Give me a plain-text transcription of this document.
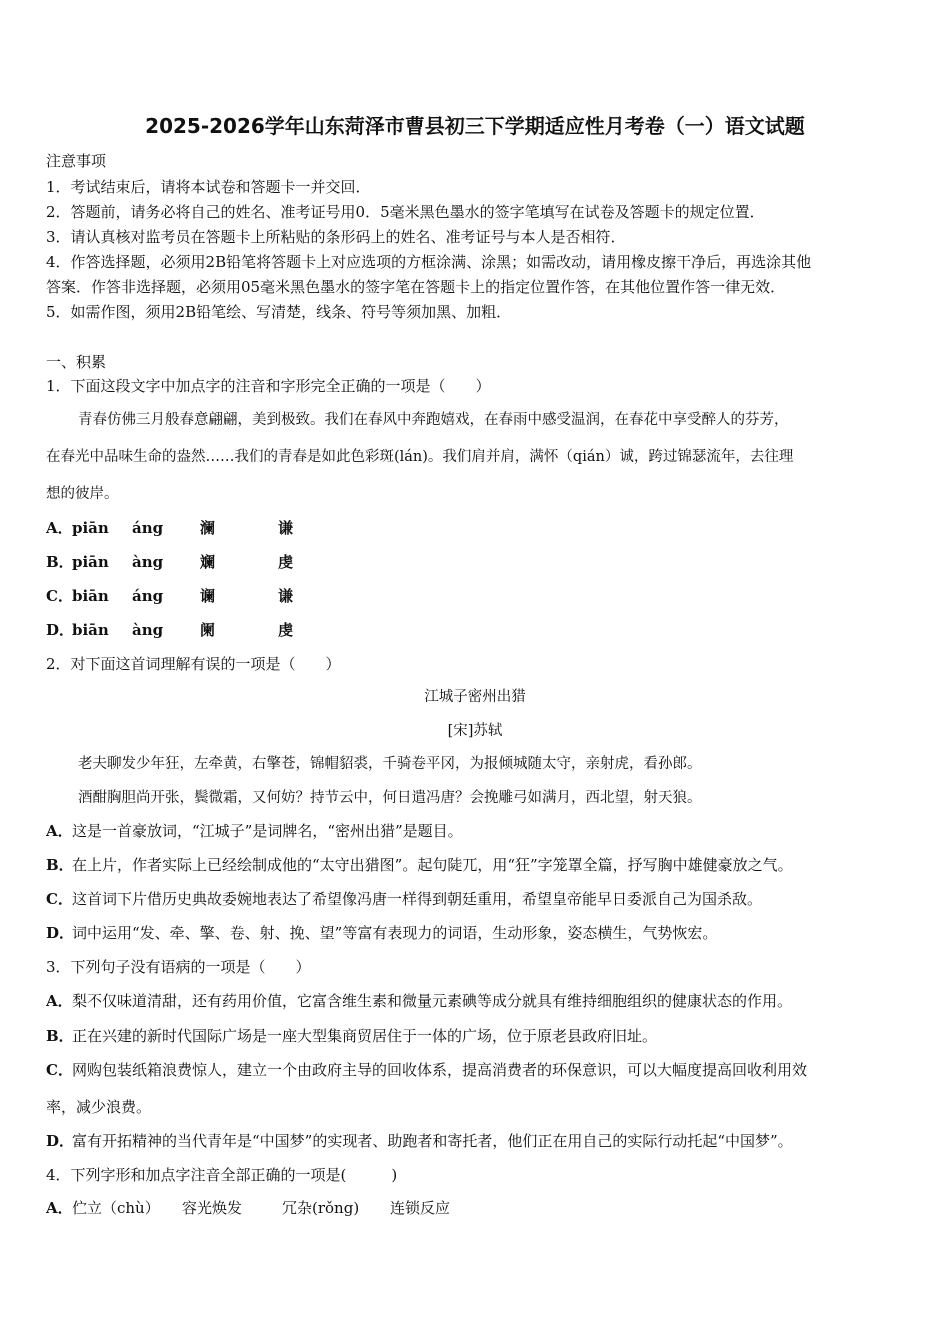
2025-2026学年山东菏泽市曹县初三下学期适应性月考卷（一）语文试题
注意事项
1．考试结束后，请将本试卷和答题卡一并交回．
2．答题前，请务必将自己的姓名、准考证号用0．5毫米黑色墨水的签字笔填写在试卷及答题卡的规定位置．
3．请认真核对监考员在答题卡上所粘贴的条形码上的姓名、准考证号与本人是否相符．
4．作答选择题，必须用2B铅笔将答题卡上对应选项的方框涂满、涂黑；如需改动，请用橡皮擦干净后，再选涂其他
答案．作答非选择题，必须用05毫米黑色墨水的签字笔在答题卡上的指定位置作答，在其他位置作答一律无效．
5．如需作图，须用2B铅笔绘、写清楚，线条、符号等须加黑、加粗．
一、积累
1．下面这段文字中加点字的注音和字形完全正确的一项是（　　）
青春仿佛三月般春意翩翩，美到极致。我们在春风中奔跑嬉戏，在春雨中感受温润，在春花中享受醉人的芬芳，
在春光中品味生命的盎然……我们的青春是如此色彩斑(lán)。我们肩并肩，满怀（qián）诚，跨过锦瑟流年，去往理
想的彼岸。
A．piān áng 澜	谦
B．piān àng 斓	虔
C．biān áng 谰	谦
D．biān àng 阑	虔
2．对下面这首词理解有误的一项是（　　）
江城子密州出猎
[宋]苏轼
老夫聊发少年狂，左牵黄，右擎苍，锦帽貂裘，千骑卷平冈，为报倾城随太守，亲射虎，看孙郎。
酒酣胸胆尚开张，鬓微霜，又何妨？持节云中，何日遣冯唐？会挽雕弓如满月，西北望，射天狼。
A．这是一首豪放词，“江城子”是词牌名，“密州出猎”是题目。
B．在上片，作者实际上已经绘制成他的“太守出猎图”。起句陡兀，用“狂”字笼罩全篇，抒写胸中雄健豪放之气。
C．这首词下片借历史典故委婉地表达了希望像冯唐一样得到朝廷重用，希望皇帝能早日委派自己为国杀敌。
D．词中运用“发、牵、擎、卷、射、挽、望”等富有表现力的词语，生动形象，姿态横生，气势恢宏。
3．下列句子没有语病的一项是（　　）
A．梨不仅味道清甜，还有药用价值，它富含维生素和微量元素碘等成分就具有维持细胞组织的健康状态的作用。
B．正在兴建的新时代国际广场是一座大型集商贸居住于一体的广场，位于原老县政府旧址。
C．网购包装纸箱浪费惊人，建立一个由政府主导的回收体系，提高消费者的环保意识，可以大幅度提高回收利用效
率，减少浪费。
D．富有开拓精神的当代青年是“中国梦”的实现者、助跑者和寄托者，他们正在用自己的实际行动托起“中国梦”。
4．下列字形和加点字注音全部正确的一项是(　　　)
A．伫立（chù） 容光焕发	冗杂(rǒng) 连锁反应
